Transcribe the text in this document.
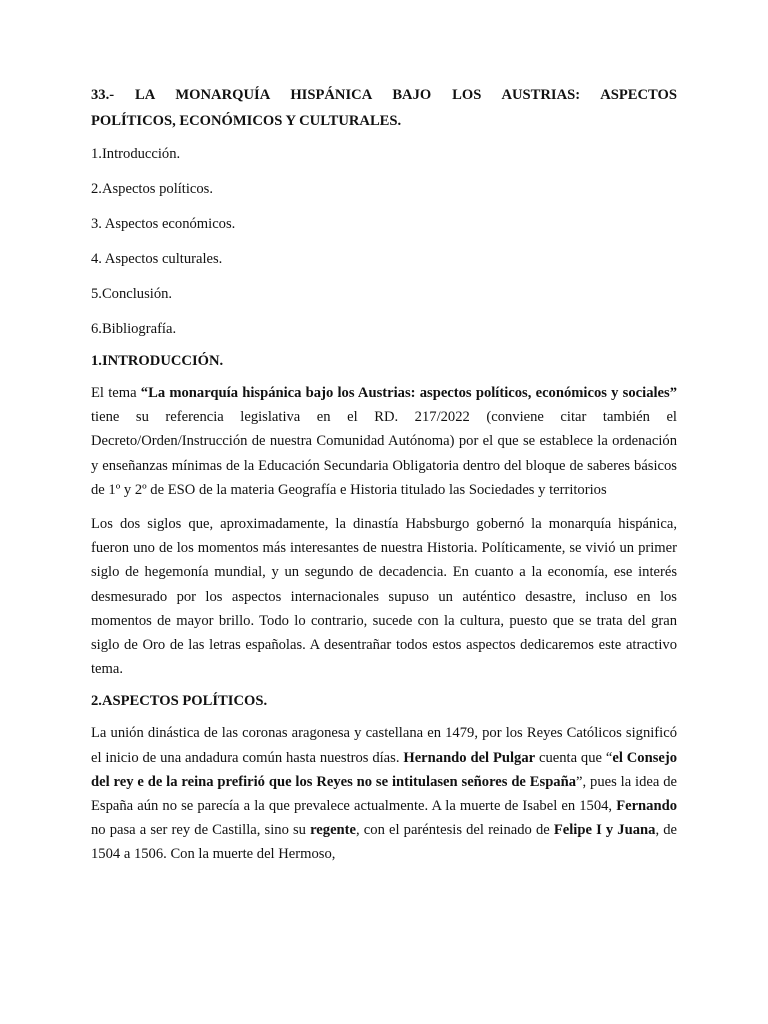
33.- LA MONARQUÍA HISPÁNICA BAJO LOS AUSTRIAS: ASPECTOS

POLÍTICOS, ECONÓMICOS Y CULTURALES.

1.Introducción.
2.Aspectos políticos.
3. Aspectos económicos.
4. Aspectos culturales.
5.Conclusión.
6.Bibliografía.
1.INTRODUCCIÓN.

El tema “La monarquía hispánica bajo los Austrias: aspectos políticos, económicos y sociales” tiene su referencia legislativa en el RD. 217/2022 (conviene citar también el Decreto/Orden/Instrucción de nuestra Comunidad Autónoma) por el que se establece la ordenación y enseñanzas mínimas de la Educación Secundaria Obligatoria dentro del bloque de saberes básicos de 1º y 2º de ESO de la materia Geografía e Historia titulado las Sociedades y territorios

Los dos siglos que, aproximadamente, la dinastía Habsburgo gobernó la monarquía hispánica, fueron uno de los momentos más interesantes de nuestra Historia. Políticamente, se vivió un primer siglo de hegemonía mundial, y un segundo de decadencia. En cuanto a la economía, ese interés desmesurado por los aspectos internacionales supuso un auténtico desastre, incluso en los momentos de mayor brillo. Todo lo contrario, sucede con la cultura, puesto que se trata del gran siglo de Oro de las letras españolas. A desentrañar todos estos aspectos dedicaremos este atractivo tema.

2.ASPECTOS POLÍTICOS.

La unión dinástica de las coronas aragonesa y castellana en 1479, por los Reyes Católicos significó el inicio de una andadura común hasta nuestros días. Hernando del Pulgar cuenta que “el Consejo del rey e de la reina prefirió que los Reyes no se intitulasen señores de España”, pues la idea de España aún no se parecía a la que prevalece actualmente. A la muerte de Isabel en 1504, Fernando no pasa a ser rey de Castilla, sino su regente, con el paréntesis del reinado de Felipe I y Juana, de 1504 a 1506. Con la muerte del Hermoso,
